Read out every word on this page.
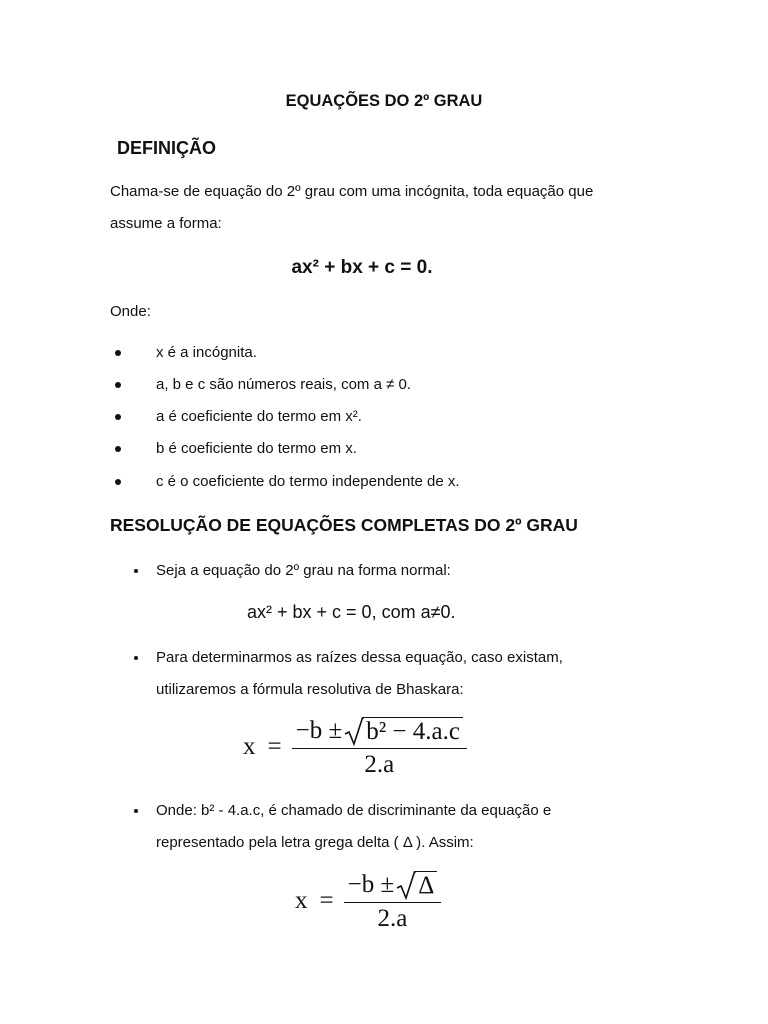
EQUAÇÕES DO 2º GRAU
DEFINIÇÃO
Chama-se de equação do 2º grau com uma incógnita, toda equação que
assume a forma:
ax² + bx + c = 0.
Onde:
x é a incógnita.
a, b e c são números reais, com a ≠ 0.
a é coeficiente do termo em x².
b é coeficiente do termo em x.
c é o coeficiente do termo independente de x.
RESOLUÇÃO DE EQUAÇÕES COMPLETAS DO 2º GRAU
Seja a equação do 2º grau na forma normal:
ax² + bx + c = 0, com a≠0.
Para determinarmos as raízes dessa equação, caso existam,
utilizaremos a fórmula resolutiva de Bhaskara:
$x = \frac{\text{−b ± b² − 4.a.c}}{2.a}$
Onde: b² - 4.a.c, é chamado de discriminante da equação e
representado pela letra grega delta ( Δ ). Assim:
$x = \frac{-b \pm \Delta}{2.a}$
